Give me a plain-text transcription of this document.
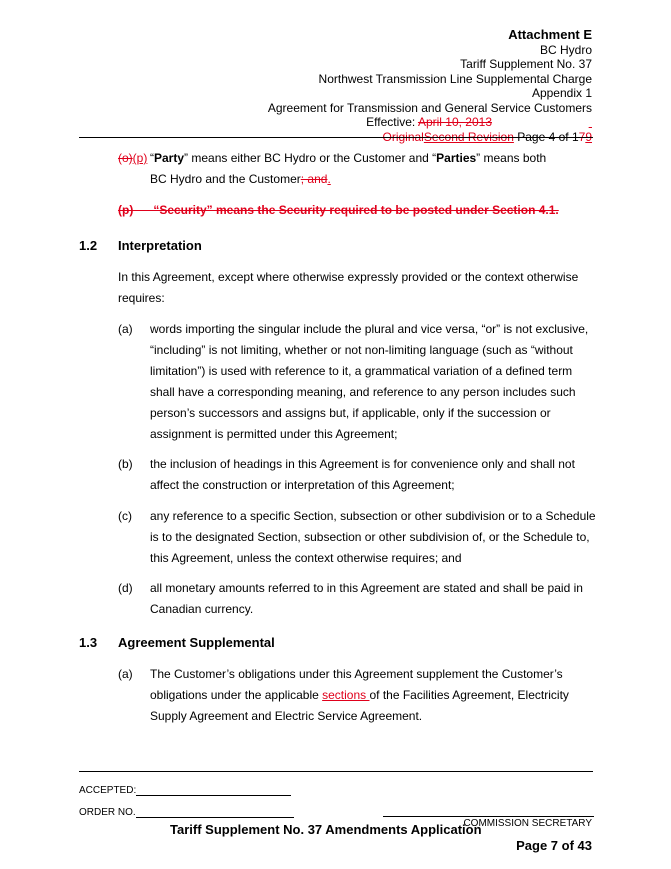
Attachment E
BC Hydro
Tariff Supplement No. 37
Northwest Transmission Line Supplemental Charge
Appendix 1
Agreement for Transmission and General Service Customers
Effective: April 10, 2013
OriginalSecond Revision Page 4 of 179
(o)(p) “Party” means either BC Hydro or the Customer and “Parties” means both
BC Hydro and the Customer; and.
(p)      “Security” means the Security required to be posted under Section 4.1.
1.2 Interpretation
In this Agreement, except where otherwise expressly provided or the context otherwise requires:
(a) words importing the singular include the plural and vice versa, “or” is not exclusive, “including” is not limiting, whether or not non-limiting language (such as “without limitation”) is used with reference to it, a grammatical variation of a defined term shall have a corresponding meaning, and reference to any person includes such person’s successors and assigns but, if applicable, only if the succession or assignment is permitted under this Agreement;
(b) the inclusion of headings in this Agreement is for convenience only and shall not affect the construction or interpretation of this Agreement;
(c) any reference to a specific Section, subsection or other subdivision or to a Schedule is to the designated Section, subsection or other subdivision of, or the Schedule to, this Agreement, unless the context otherwise requires; and
(d) all monetary amounts referred to in this Agreement are stated and shall be paid in Canadian currency.
1.3 Agreement Supplemental
(a) The Customer’s obligations under this Agreement supplement the Customer’s obligations under the applicable sections of the Facilities Agreement, Electricity Supply Agreement and Electric Service Agreement.
ACCEPTED:
ORDER NO.
COMMISSION SECRETARY
Tariff Supplement No. 37 Amendments Application
Page 7 of 43
